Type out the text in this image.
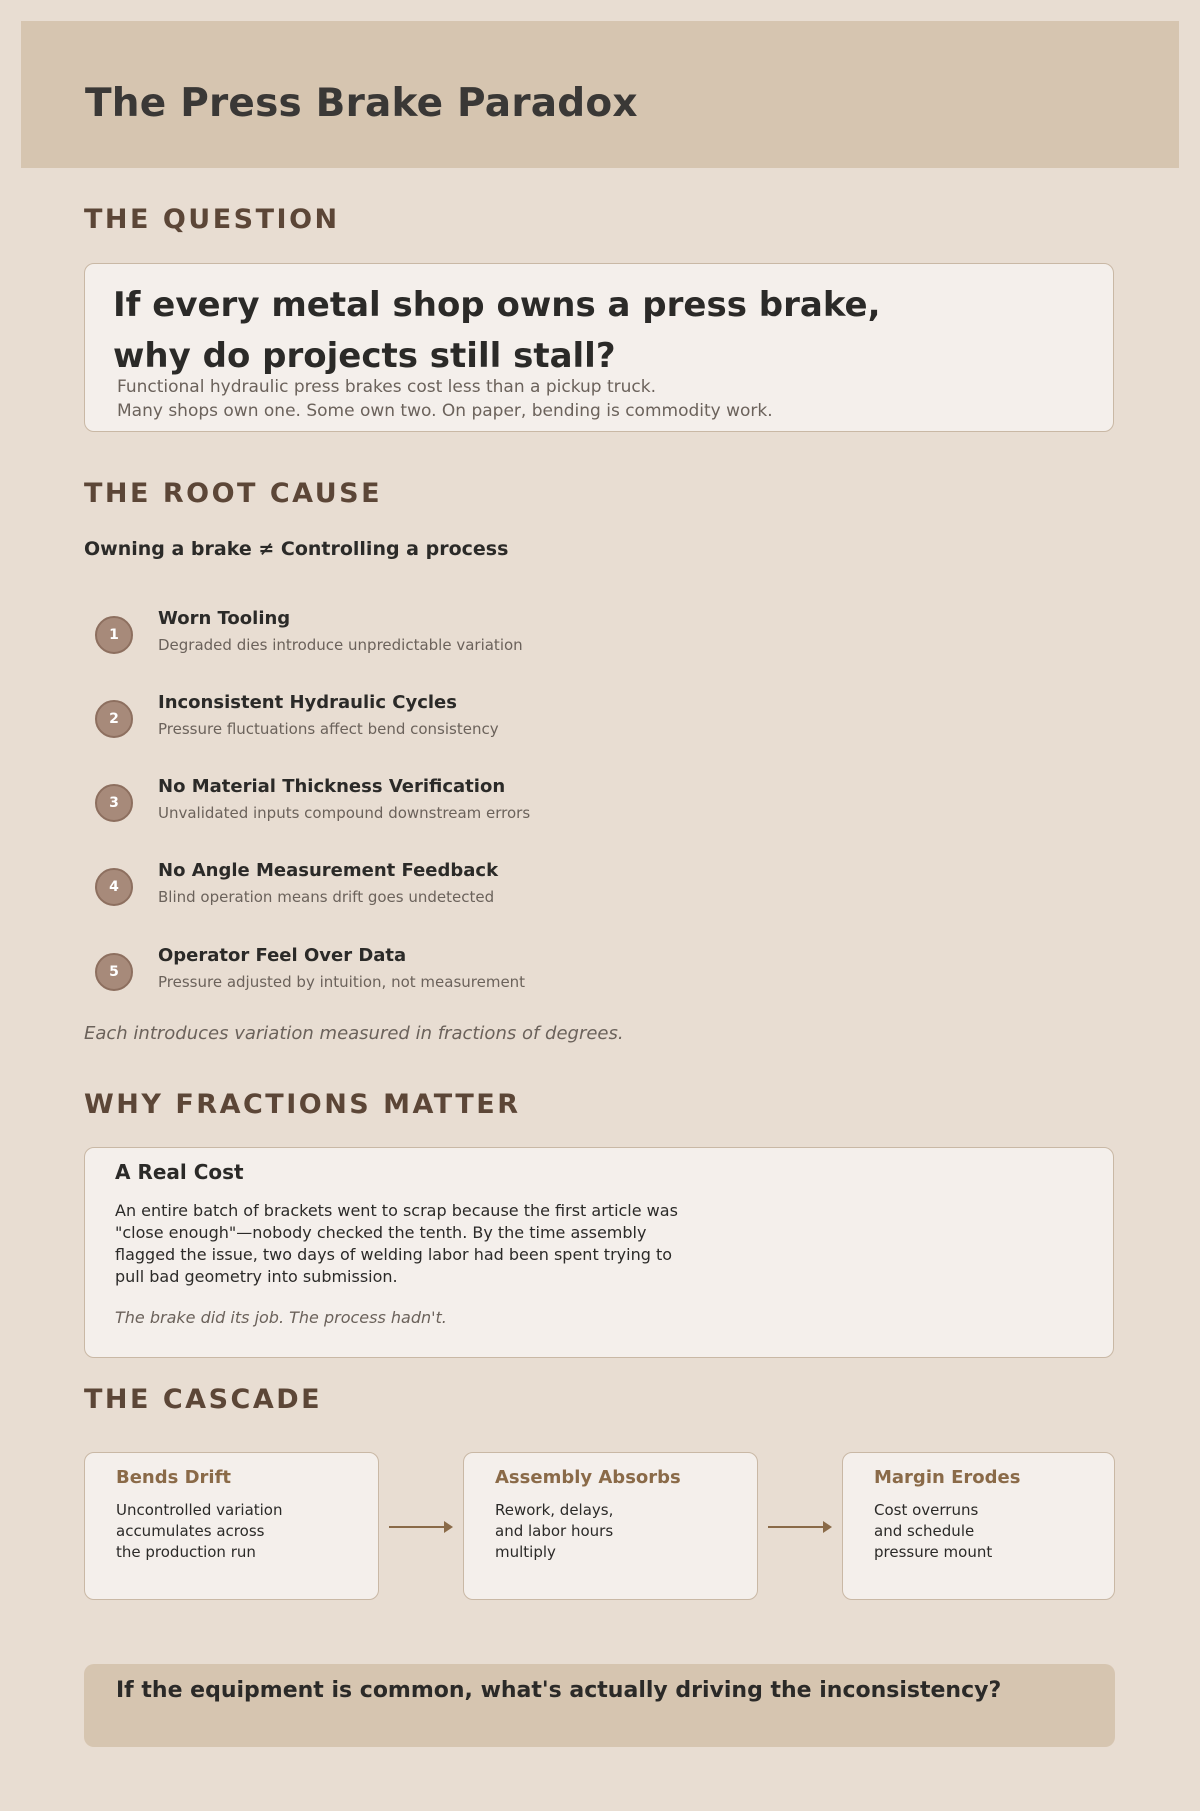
The Press Brake Paradox
THE QUESTION

If every metal shop owns a press brake,
why do projects still stall?

Functional hydraulic press brakes cost less than a pickup truck.
Many shops own one. Some own two. On paper, bending is commodity work.

THE ROOT CAUSE

Owning a brake ≠ Controlling a process

1

Worn Tooling

Degraded dies introduce unpredictable variation

2

Inconsistent Hydraulic Cycles

Pressure fluctuations affect bend consistency

3

No Material Thickness Verification

Unvalidated inputs compound downstream errors

4

No Angle Measurement Feedback

Blind operation means drift goes undetected

5

Operator Feel Over Data

Pressure adjusted by intuition, not measurement

Each introduces variation measured in fractions of degrees.

WHY FRACTIONS MATTER

A Real Cost

An entire batch of brackets went to scrap because the first article was "close enough"—nobody checked the tenth. By the time assembly flagged the issue, two days of welding labor had been spent trying to pull bad geometry into submission.

The brake did its job. The process hadn't.

THE CASCADE

Bends Drift

Uncontrolled variation
accumulates across
the production run

Assembly Absorbs

Rework, delays,
and labor hours
multiply

Margin Erodes

Cost overruns
and schedule
pressure mount

If the equipment is common, what's actually driving the inconsistency?
